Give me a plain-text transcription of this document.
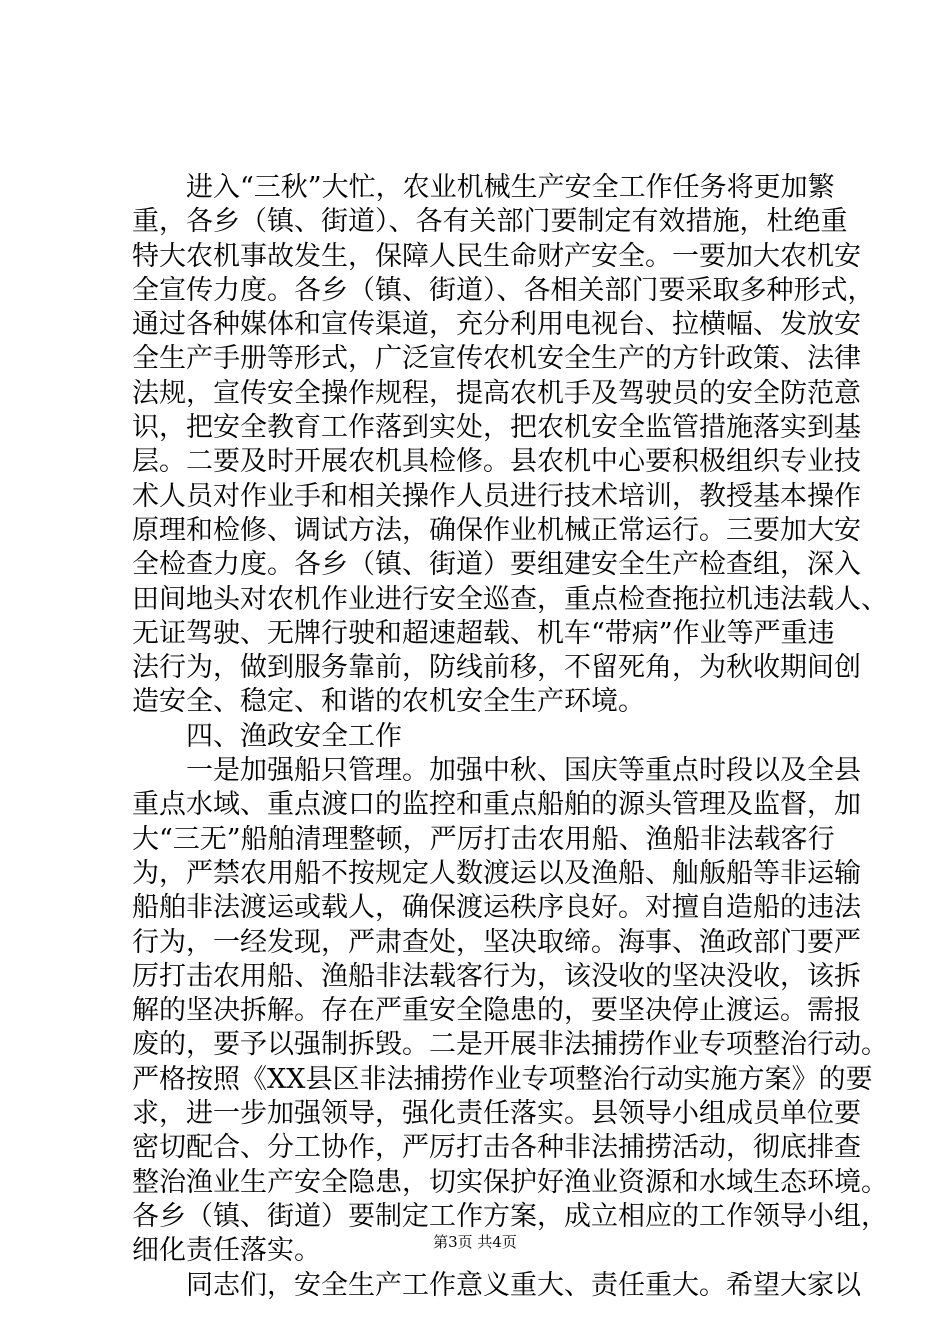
进入“三秋”大忙，农业机械生产安全工作任务将更加繁
重，各乡（镇、街道）、各有关部门要制定有效措施，杜绝重
特大农机事故发生，保障人民生命财产安全。一要加大农机安
全宣传力度。各乡（镇、街道）、各相关部门要采取多种形式，
通过各种媒体和宣传渠道，充分利用电视台、拉横幅、发放安
全生产手册等形式，广泛宣传农机安全生产的方针政策、法律
法规，宣传安全操作规程，提高农机手及驾驶员的安全防范意
识，把安全教育工作落到实处，把农机安全监管措施落实到基
层。二要及时开展农机具检修。县农机中心要积极组织专业技
术人员对作业手和相关操作人员进行技术培训，教授基本操作
原理和检修、调试方法，确保作业机械正常运行。三要加大安
全检查力度。各乡（镇、街道）要组建安全生产检查组，深入
田间地头对农机作业进行安全巡查，重点检查拖拉机违法载人、
无证驾驶、无牌行驶和超速超载、机车“带病”作业等严重违
法行为，做到服务靠前，防线前移，不留死角，为秋收期间创
造安全、稳定、和谐的农机安全生产环境。
四、渔政安全工作
一是加强船只管理。加强中秋、国庆等重点时段以及全县
重点水域、重点渡口的监控和重点船舶的源头管理及监督，加
大“三无”船舶清理整顿，严厉打击农用船、渔船非法载客行
为，严禁农用船不按规定人数渡运以及渔船、舢舨船等非运输
船舶非法渡运或载人，确保渡运秩序良好。对擅自造船的违法
行为，一经发现，严肃查处，坚决取缔。海事、渔政部门要严
厉打击农用船、渔船非法载客行为，该没收的坚决没收，该拆
解的坚决拆解。存在严重安全隐患的，要坚决停止渡运。需报
废的，要予以强制拆毁。二是开展非法捕捞作业专项整治行动。
严格按照《XX县区非法捕捞作业专项整治行动实施方案》的要
求，进一步加强领导，强化责任落实。县领导小组成员单位要
密切配合、分工协作，严厉打击各种非法捕捞活动，彻底排查
整治渔业生产安全隐患，切实保护好渔业资源和水域生态环境。
各乡（镇、街道）要制定工作方案，成立相应的工作领导小组，
细化责任落实。
同志们，安全生产工作意义重大、责任重大。希望大家以
第3页 共4页
